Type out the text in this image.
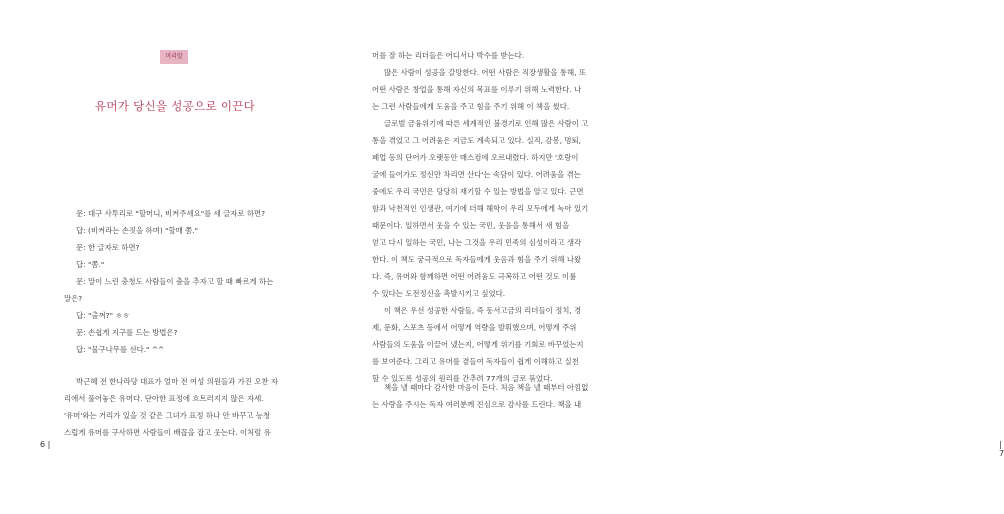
머리말
유머가 당신을 성공으로 이끈다
문: 대구 사투리로 "할머니, 비켜주세요"를 세 글자로 하면?
답: (비켜라는 손짓을 하며) "할매 쫌."
문: 한 글자로 하면?
답: "쫌."
문: 말이 느린 충청도 사람들이 춤을 추자고 할 때 빠르게 하는
말은?
답: "출껴?" ㅎㅎ
문: 손쉽게 지구를 드는 방법은?
답: "물구나무를 선다." ^^
박근혜 전 한나라당 대표가 얼마 전 여성 의원들과 가진 오찬 자
리에서 풀어놓은 유머다. 단아한 표정에 흐트러지지 않은 자세.
'유머'와는 거리가 있을 것 같은 그녀가 표정 하나 안 바꾸고 능청
스럽게 유머를 구사하면 사람들이 배꼽을 잡고 웃는다. 이처럼 유
6 |
머를 잘 하는 리더들은 어디서나 박수를 받는다.
많은 사람이 성공을 갈망한다. 어떤 사람은 직장생활을 통해, 또
어떤 사람은 창업을 통해 자신의 목표를 이루기 위해 노력한다. 나
는 그런 사람들에게 도움을 주고 힘을 주기 위해 이 책을 썼다.
글로벌 금융위기에 따른 세계적인 불경기로 인해 많은 사람이 고
통을 겪었고 그 어려움은 지금도 계속되고 있다. 실직, 감봉, 명퇴,
폐업 등의 단어가 오랫동안 매스컴에 오르내렸다. 하지만 '호랑이
굴에 들어가도 정신만 차리면 산다'는 속담이 있다. 어려움을 겪는
중에도 우리 국민은 당당히 재기할 수 있는 방법을 알고 있다. 근면
함과 낙천적인 인생관, 여기에 더해 해학이 우리 모두에게 녹아 있기
때문이다. 일하면서 웃을 수 있는 국민, 웃음을 통해서 새 힘을
얻고 다시 일하는 국민, 나는 그것을 우리 민족의 심성이라고 생각
한다. 이 책도 궁극적으로 독자들에게 웃음과 힘을 주기 위해 나왔
다. 즉, 유머와 함께하면 어떤 어려움도 극복하고 어떤 것도 이룰
수 있다는 도전정신을 촉발시키고 싶었다.
이 책은 우선 성공한 사람들, 즉 동서고금의 리더들이 정치, 경
제, 문화, 스포츠 등에서 어떻게 역량을 발휘했으며, 어떻게 주위
사람들의 도움을 이끌어 냈는지, 어떻게 위기를 기회로 바꾸었는지
를 보여준다. 그리고 유머를 곁들여 독자들이 쉽게 이해하고 실천
할 수 있도록 성공의 원리를 간추려 77개의 글로 묶었다.
책을 낼 때마다 감사한 마음이 든다. 처음 책을 낼 때부터 아낌없
는 사랑을 주시는 독자 여러분께 진심으로 감사를 드린다. 책을 내
| 7
